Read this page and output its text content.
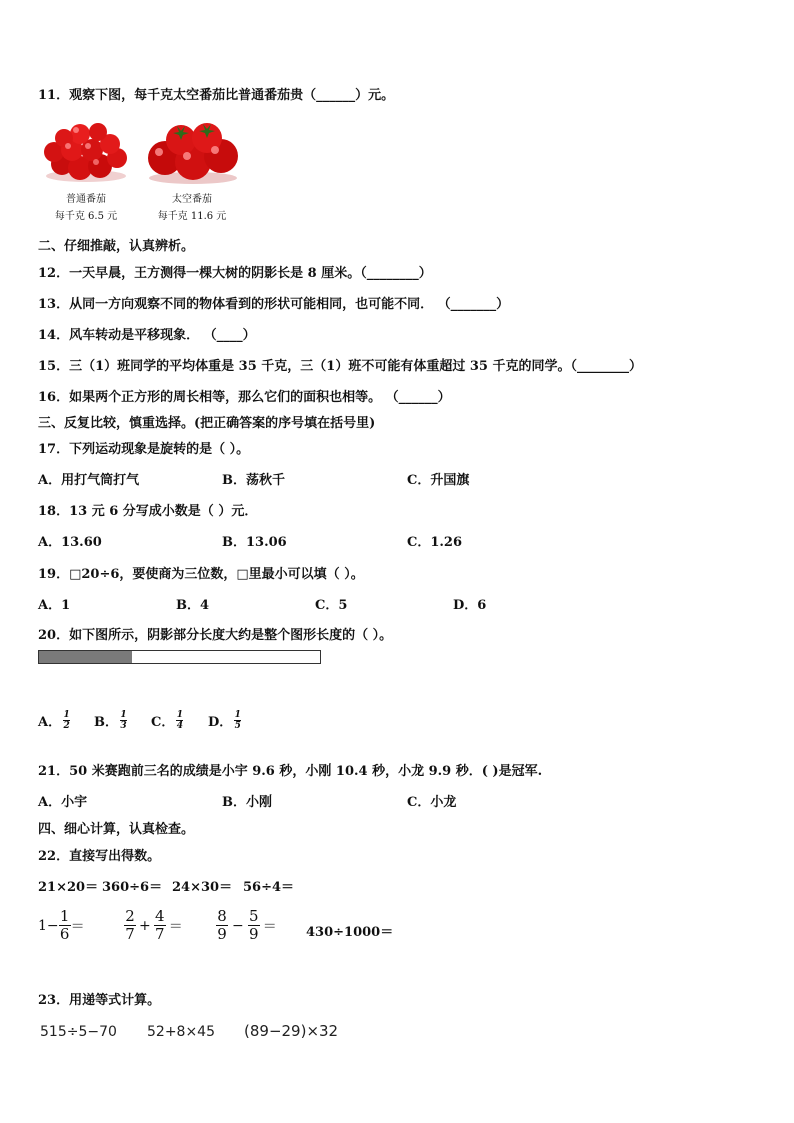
11．观察下图，每千克太空番茄比普通番茄贵（______）元。
普通番茄
每千克 6.5 元
太空番茄
每千克 11.6 元
二、仔细推敲，认真辨析。
12．一天早晨，王方测得一棵大树的阴影长是 8 厘米。（________）
13．从同一方向观察不同的物体看到的形状可能相同，也可能不同． （_______）
14．风车转动是平移现象． （____）
15．三（1）班同学的平均体重是 35 千克，三（1）班不可能有体重超过 35 千克的同学。（________）
16．如果两个正方形的周长相等，那么它们的面积也相等。 （______）
三、反复比较，慎重选择。(把正确答案的序号填在括号里)
17．下列运动现象是旋转的是（ ）。
A．用打气筒打气	B．荡秋千	C．升国旗
18．13 元 6 分写成小数是（ ）元．
A．13.60	B．13.06	C．1.26
19．□20÷6，要使商为三位数，□里最小可以填（ ）。
A．1	B．4	C．5	D．6
20．如下图所示，阴影部分长度大约是整个图形长度的（ ）。
A． $\frac{1}{2}$ B． $\frac{1}{3}$ C． $\frac{1}{4}$ D． $\frac{1}{5}$
21．50 米赛跑前三名的成绩是小宇 9.6 秒，小刚 10.4 秒，小龙 9.9 秒．( )是冠军.
A．小宇	B．小刚	C．小龙
四、细心计算，认真检查。
22．直接写出得数。
21×20＝ 360÷6＝ 24×30＝ 56÷4＝
1−
1
6 ＝
2
7 +
4
7 ＝
8
9 −
5
9 ＝ 430÷1000＝
23．用递等式计算。
515÷5−70 52+8×45 (89−29)×32
